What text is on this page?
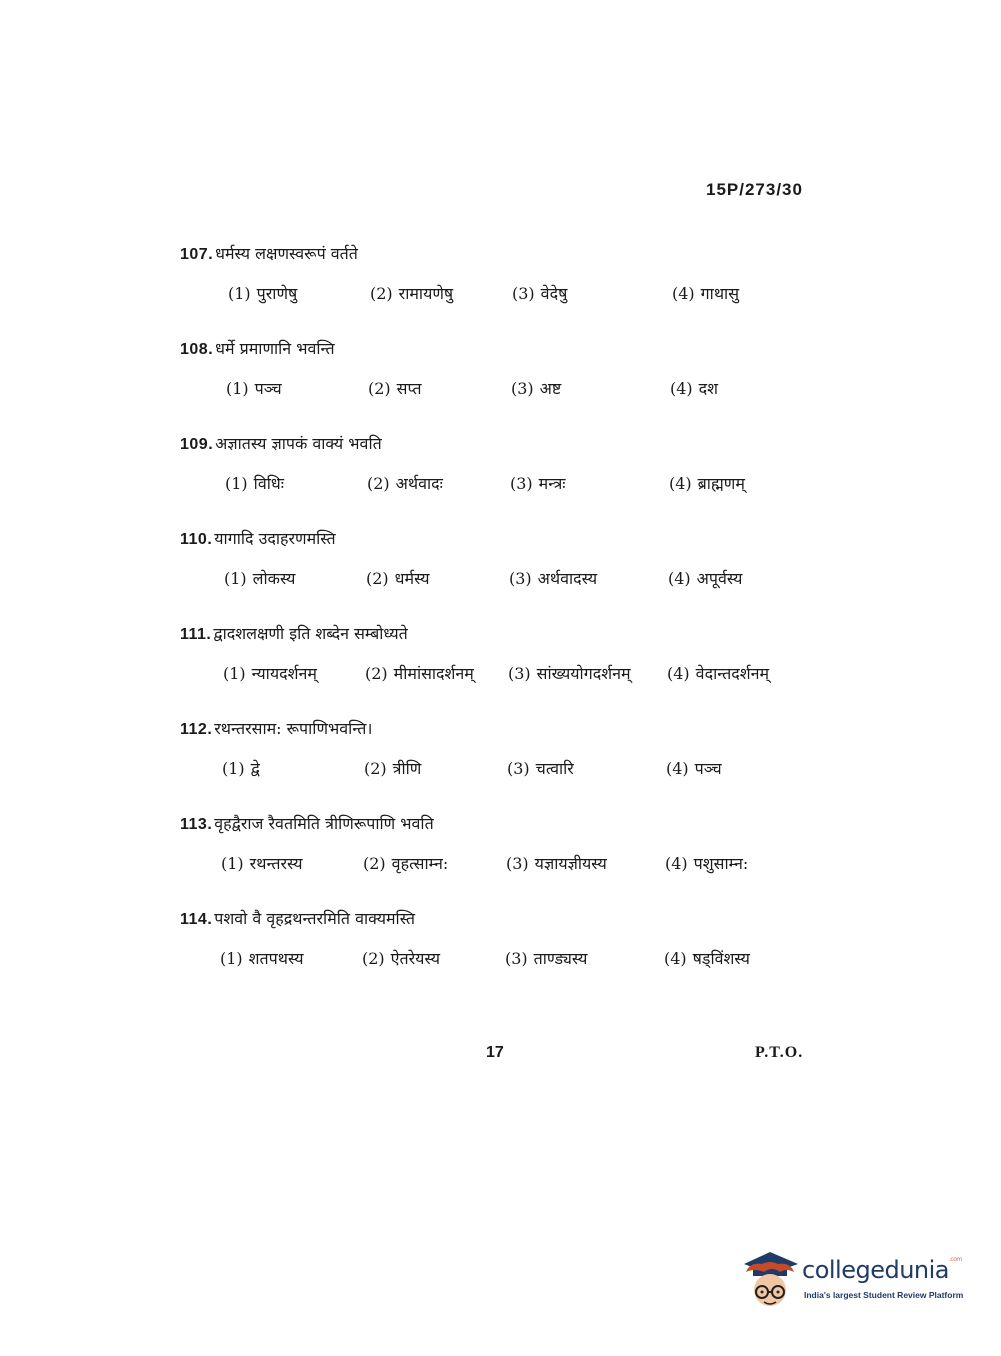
15P/273/30
107. धर्मस्य लक्षणस्वरूपं वर्तते
(1) पुराणेषु	(2) रामायणेषु	(3) वेदेषु	(4) गाथासु
108. धर्मे प्रमाणानि भवन्ति
(1) पञ्च	(2) सप्त	(3) अष्ट	(4) दश
109. अज्ञातस्य ज्ञापकं वाक्यं भवति
(1) विधिः	(2) अर्थवादः	(3) मन्त्रः	(4) ब्राह्मणम्
110. यागादि उदाहरणमस्ति
(1) लोकस्य	(2) धर्मस्य	(3) अर्थवादस्य	(4) अपूर्वस्य
111. द्वादशलक्षणी इति शब्देन सम्बोध्यते
(1) न्यायदर्शनम्	(2) मीमांसादर्शनम् (3) सांख्ययोगदर्शनम् (4) वेदान्तदर्शनम्
112. रथन्तरसाम: रूपाणिभवन्ति।
(1) द्वे	(2) त्रीणि	(3) चत्वारि	(4) पञ्च
113. वृहद्वैराज रैवतमिति त्रीणिरूपाणि भवति
(1) रथन्तरस्य	(2) वृहत्साम्न:	(3) यज्ञायज्ञीयस्य	(4) पशुसाम्न:
114. पशवो वै वृहद्रथन्तरमिति वाक्यमस्ति
(1) शतपथस्य	(2) ऐतरेयस्य	(3) ताण्ड्यस्य	(4) षड्विंशस्य
17	P.T.O.
collegedunia$^{.com}$
India's largest Student Review Platform
